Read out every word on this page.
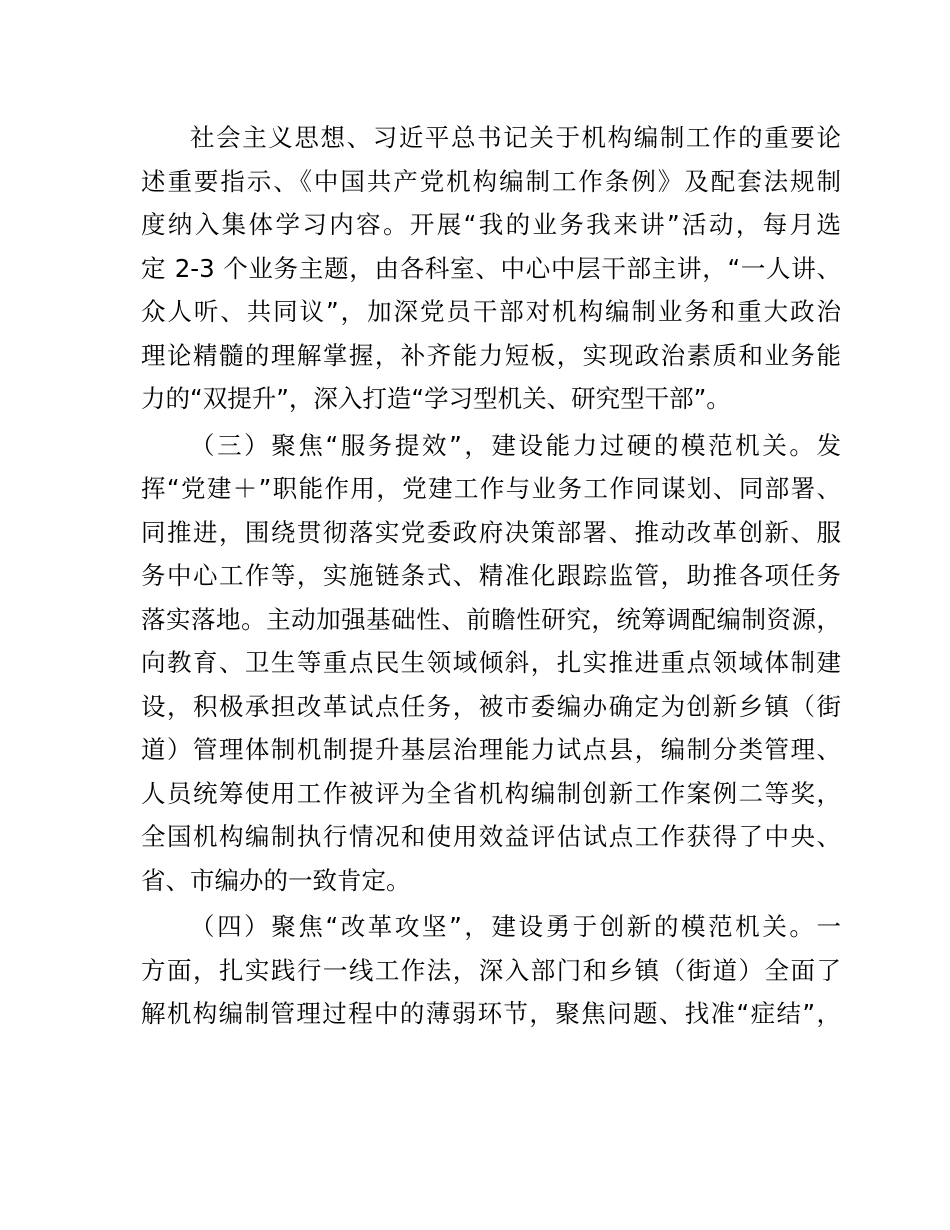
社会主义思想、习近平总书记关于机构编制工作的重要论
述重要指示、《中国共产党机构编制工作条例》及配套法规制
度纳入集体学习内容。开展“我的业务我来讲”活动，每月选
定 2-3 个业务主题，由各科室、中心中层干部主讲，“一人讲、
众人听、共同议”，加深党员干部对机构编制业务和重大政治
理论精髓的理解掌握，补齐能力短板，实现政治素质和业务能
力的“双提升”，深入打造“学习型机关、研究型干部”。
（三）聚焦“服务提效”，建设能力过硬的模范机关。发
挥“党建＋”职能作用，党建工作与业务工作同谋划、同部署、
同推进，围绕贯彻落实党委政府决策部署、推动改革创新、服
务中心工作等，实施链条式、精准化跟踪监管，助推各项任务
落实落地。主动加强基础性、前瞻性研究，统筹调配编制资源，
向教育、卫生等重点民生领域倾斜，扎实推进重点领域体制建
设，积极承担改革试点任务，被市委编办确定为创新乡镇（街
道）管理体制机制提升基层治理能力试点县，编制分类管理、
人员统筹使用工作被评为全省机构编制创新工作案例二等奖，
全国机构编制执行情况和使用效益评估试点工作获得了中央、
省、市编办的一致肯定。
（四）聚焦“改革攻坚”，建设勇于创新的模范机关。一
方面，扎实践行一线工作法，深入部门和乡镇（街道）全面了
解机构编制管理过程中的薄弱环节，聚焦问题、找准“症结”，
